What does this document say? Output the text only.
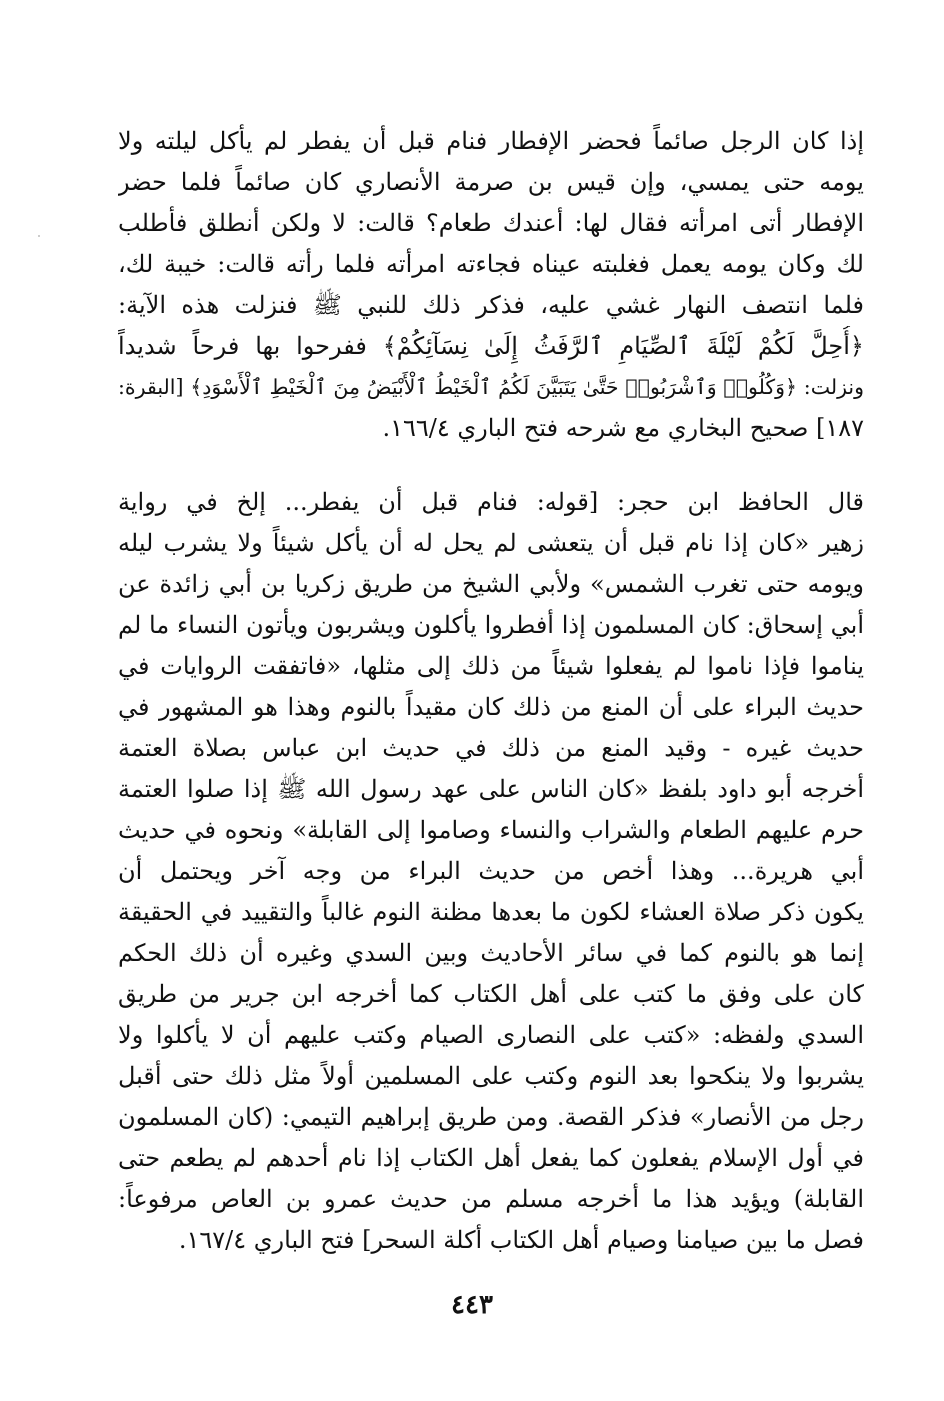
إذا كان الرجل صائماً فحضر الإفطار فنام قبل أن يفطر لم يأكل ليلته ولا
يومه حتى يمسي، وإن قيس بن صرمة الأنصاري كان صائماً فلما حضر
الإفطار أتى امرأته فقال لها: أعندك طعام؟ قالت: لا ولكن أنطلق فأطلب
لك وكان يومه يعمل فغلبته عيناه فجاءته امرأته فلما رأته قالت: خيبة لك،
فلما انتصف النهار غشي عليه، فذكر ذلك للنبي ﷺ فنزلت هذه الآية:
﴿أُحِلَّ لَكُمْ لَيْلَةَ ٱلصِّيَامِ ٱلرَّفَثُ إِلَىٰ نِسَآئِكُمْ﴾ ففرحوا بها فرحاً شديداً
ونزلت: ﴿وَكُلُوا۟ وَٱشْرَبُوا۟ حَتَّىٰ يَتَبَيَّنَ لَكُمُ ٱلْخَيْطُ ٱلْأَبْيَضُ مِنَ ٱلْخَيْطِ ٱلْأَسْوَدِ﴾ [البقرة:
١٨٧] صحيح البخاري مع شرحه فتح الباري ١٦٦/٤.
قال الحافظ ابن حجر: [قوله: فنام قبل أن يفطر... إلخ في رواية
زهير «كان إذا نام قبل أن يتعشى لم يحل له أن يأكل شيئاً ولا يشرب ليله
ويومه حتى تغرب الشمس» ولأبي الشيخ من طريق زكريا بن أبي زائدة عن
أبي إسحاق: كان المسلمون إذا أفطروا يأكلون ويشربون ويأتون النساء ما لم
يناموا فإذا ناموا لم يفعلوا شيئاً من ذلك إلى مثلها، «فاتفقت الروايات في
حديث البراء على أن المنع من ذلك كان مقيداً بالنوم وهذا هو المشهور في
حديث غيره - وقيد المنع من ذلك في حديث ابن عباس بصلاة العتمة
أخرجه أبو داود بلفظ «كان الناس على عهد رسول الله ﷺ إذا صلوا العتمة
حرم عليهم الطعام والشراب والنساء وصاموا إلى القابلة» ونحوه في حديث
أبي هريرة... وهذا أخص من حديث البراء من وجه آخر ويحتمل أن
يكون ذكر صلاة العشاء لكون ما بعدها مظنة النوم غالباً والتقييد في الحقيقة
إنما هو بالنوم كما في سائر الأحاديث وبين السدي وغيره أن ذلك الحكم
كان على وفق ما كتب على أهل الكتاب كما أخرجه ابن جرير من طريق
السدي ولفظه: «كتب على النصارى الصيام وكتب عليهم أن لا يأكلوا ولا
يشربوا ولا ينكحوا بعد النوم وكتب على المسلمين أولاً مثل ذلك حتى أقبل
رجل من الأنصار» فذكر القصة. ومن طريق إبراهيم التيمي: (كان المسلمون
في أول الإسلام يفعلون كما يفعل أهل الكتاب إذا نام أحدهم لم يطعم حتى
القابلة) ويؤيد هذا ما أخرجه مسلم من حديث عمرو بن العاص مرفوعاً:
فصل ما بين صيامنا وصيام أهل الكتاب أكلة السحر] فتح الباري ١٦٧/٤.
٤٤٣
